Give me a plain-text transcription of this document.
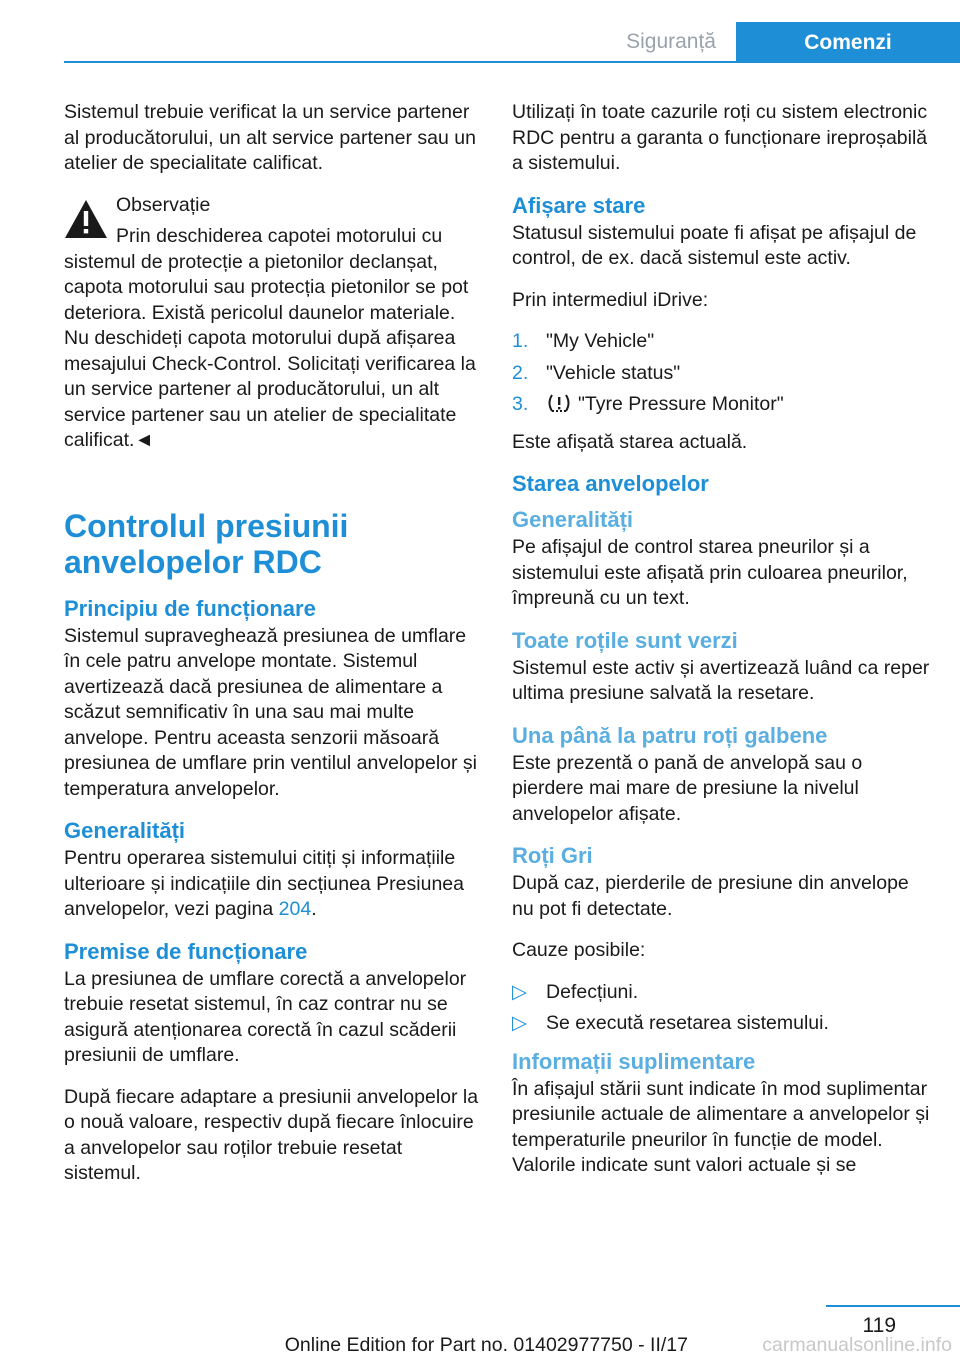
Siguranță	Comenzi

Sistemul trebuie verificat la un service partener al producătorului, un alt service partener sau un atelier de specialitate calificat.

Observație

Prin deschiderea capotei motorului cu sistemul de protecție a pietonilor declanșat, capota motorului sau protecția pietonilor se pot deteriora. Există pericolul daunelor materiale. Nu deschideți capota motorului după afișarea mesajului Check-Control. Solicitați verificarea la un service partener al producătorului, un alt service partener sau un atelier de specialitate calificat.◄

Controlul presiunii anvelopelor RDC
Principiu de funcționare

Sistemul supraveghează presiunea de umflare în cele patru anvelope montate. Sistemul avertizează dacă presiunea de alimentare a scăzut semnificativ în una sau mai multe anvelope. Pentru aceasta senzorii măsoară presiunea de umflare prin ventilul anvelopelor și temperatura anvelopelor.

Generalități

Pentru operarea sistemului citiți și informațiile ulterioare și indicațiile din secțiunea Presiunea anvelopelor, vezi pagina 204.

Premise de funcționare

La presiunea de umflare corectă a anvelopelor trebuie resetat sistemul, în caz contrar nu se asigură atenționarea corectă în cazul scăderii presiunii de umflare.

După fiecare adaptare a presiunii anvelopelor la o nouă valoare, respectiv după fiecare înlocuire a anvelopelor sau roților trebuie resetat sistemul.

Utilizați în toate cazurile roți cu sistem electronic RDC pentru a garanta o funcționare ireproșabilă a sistemului.

Afișare stare

Statusul sistemului poate fi afișat pe afișajul de control, de ex. dacă sistemul este activ.

Prin intermediul iDrive:

1. "My Vehicle"
2. "Vehicle status"
3.	"Tyre Pressure Monitor"

Este afișată starea actuală.

Starea anvelopelor
Generalități

Pe afișajul de control starea pneurilor și a sistemului este afișată prin culoarea pneurilor, împreună cu un text.

Toate roțile sunt verzi

Sistemul este activ și avertizează luând ca reper ultima presiune salvată la resetare.

Una până la patru roți galbene

Este prezentă o pană de anvelopă sau o pierdere mai mare de presiune la nivelul anvelopelor afișate.

Roți Gri

După caz, pierderile de presiune din anvelope nu pot fi detectate.

Cauze posibile:

▷ Defecțiuni.
▷ Se execută resetarea sistemului.
Informații suplimentare

În afișajul stării sunt indicate în mod suplimentar presiunile actuale de alimentare a anvelopelor și temperaturile pneurilor în funcție de model. Valorile indicate sunt valori actuale și se

119
Online Edition for Part no. 01402977750 - II/17	carmanualsonline.info
